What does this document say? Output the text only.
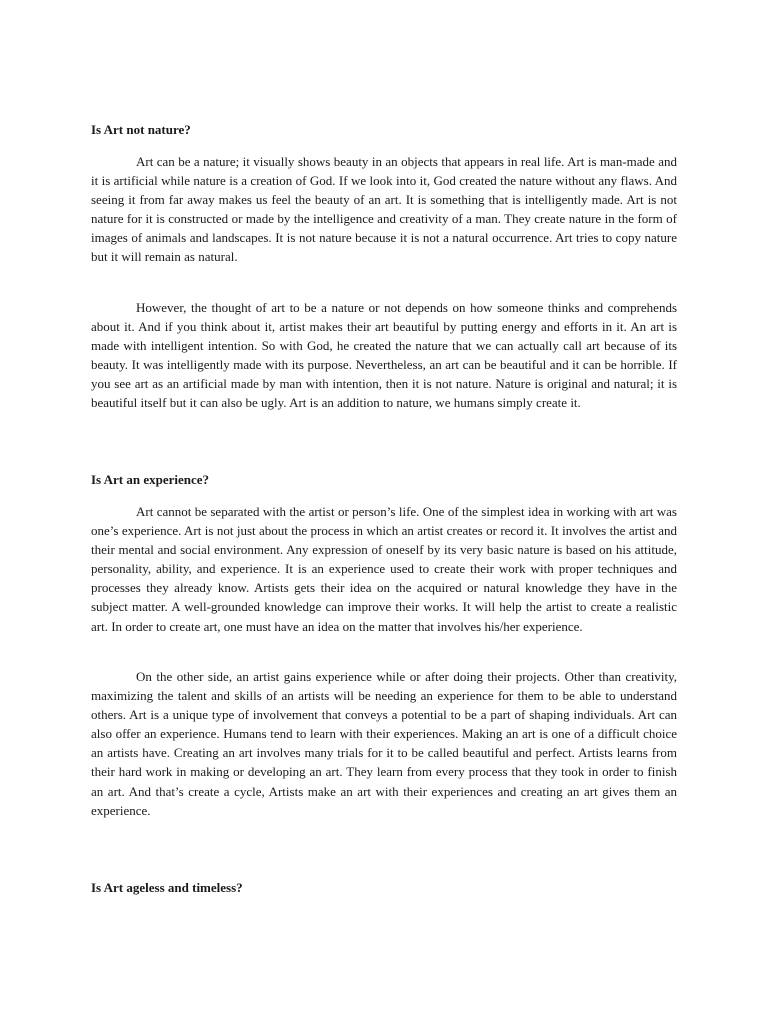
Is Art not nature?

Art can be a nature; it visually shows beauty in an objects that appears in real life. Art is man-made and it is artificial while nature is a creation of God. If we look into it, God created the nature without any flaws. And seeing it from far away makes us feel the beauty of an art. It is something that is intelligently made. Art is not nature for it is constructed or made by the intelligence and creativity of a man. They create nature in the form of images of animals and landscapes. It is not nature because it is not a natural occurrence. Art tries to copy nature but it will remain as natural.

However, the thought of art to be a nature or not depends on how someone thinks and comprehends about it. And if you think about it, artist makes their art beautiful by putting energy and efforts in it. An art is made with intelligent intention. So with God, he created the nature that we can actually call art because of its beauty. It was intelligently made with its purpose. Nevertheless, an art can be beautiful and it can be horrible. If you see art as an artificial made by man with intention, then it is not nature. Nature is original and natural; it is beautiful itself but it can also be ugly. Art is an addition to nature, we humans simply create it.

Is Art an experience?

Art cannot be separated with the artist or person’s life. One of the simplest idea in working with art was one’s experience. Art is not just about the process in which an artist creates or record it. It involves the artist and their mental and social environment. Any expression of oneself by its very basic nature is based on his attitude, personality, ability, and experience. It is an experience used to create their work with proper techniques and processes they already know. Artists gets their idea on the acquired or natural knowledge they have in the subject matter. A well-grounded knowledge can improve their works. It will help the artist to create a realistic art. In order to create art, one must have an idea on the matter that involves his/her experience.

On the other side, an artist gains experience while or after doing their projects. Other than creativity, maximizing the talent and skills of an artists will be needing an experience for them to be able to understand others. Art is a unique type of involvement that conveys a potential to be a part of shaping individuals. Art can also offer an experience. Humans tend to learn with their experiences. Making an art is one of a difficult choice an artists have. Creating an art involves many trials for it to be called beautiful and perfect. Artists learns from their hard work in making or developing an art. They learn from every process that they took in order to finish an art. And that’s create a cycle, Artists make an art with their experiences and creating an art gives them an experience.

Is Art ageless and timeless?
